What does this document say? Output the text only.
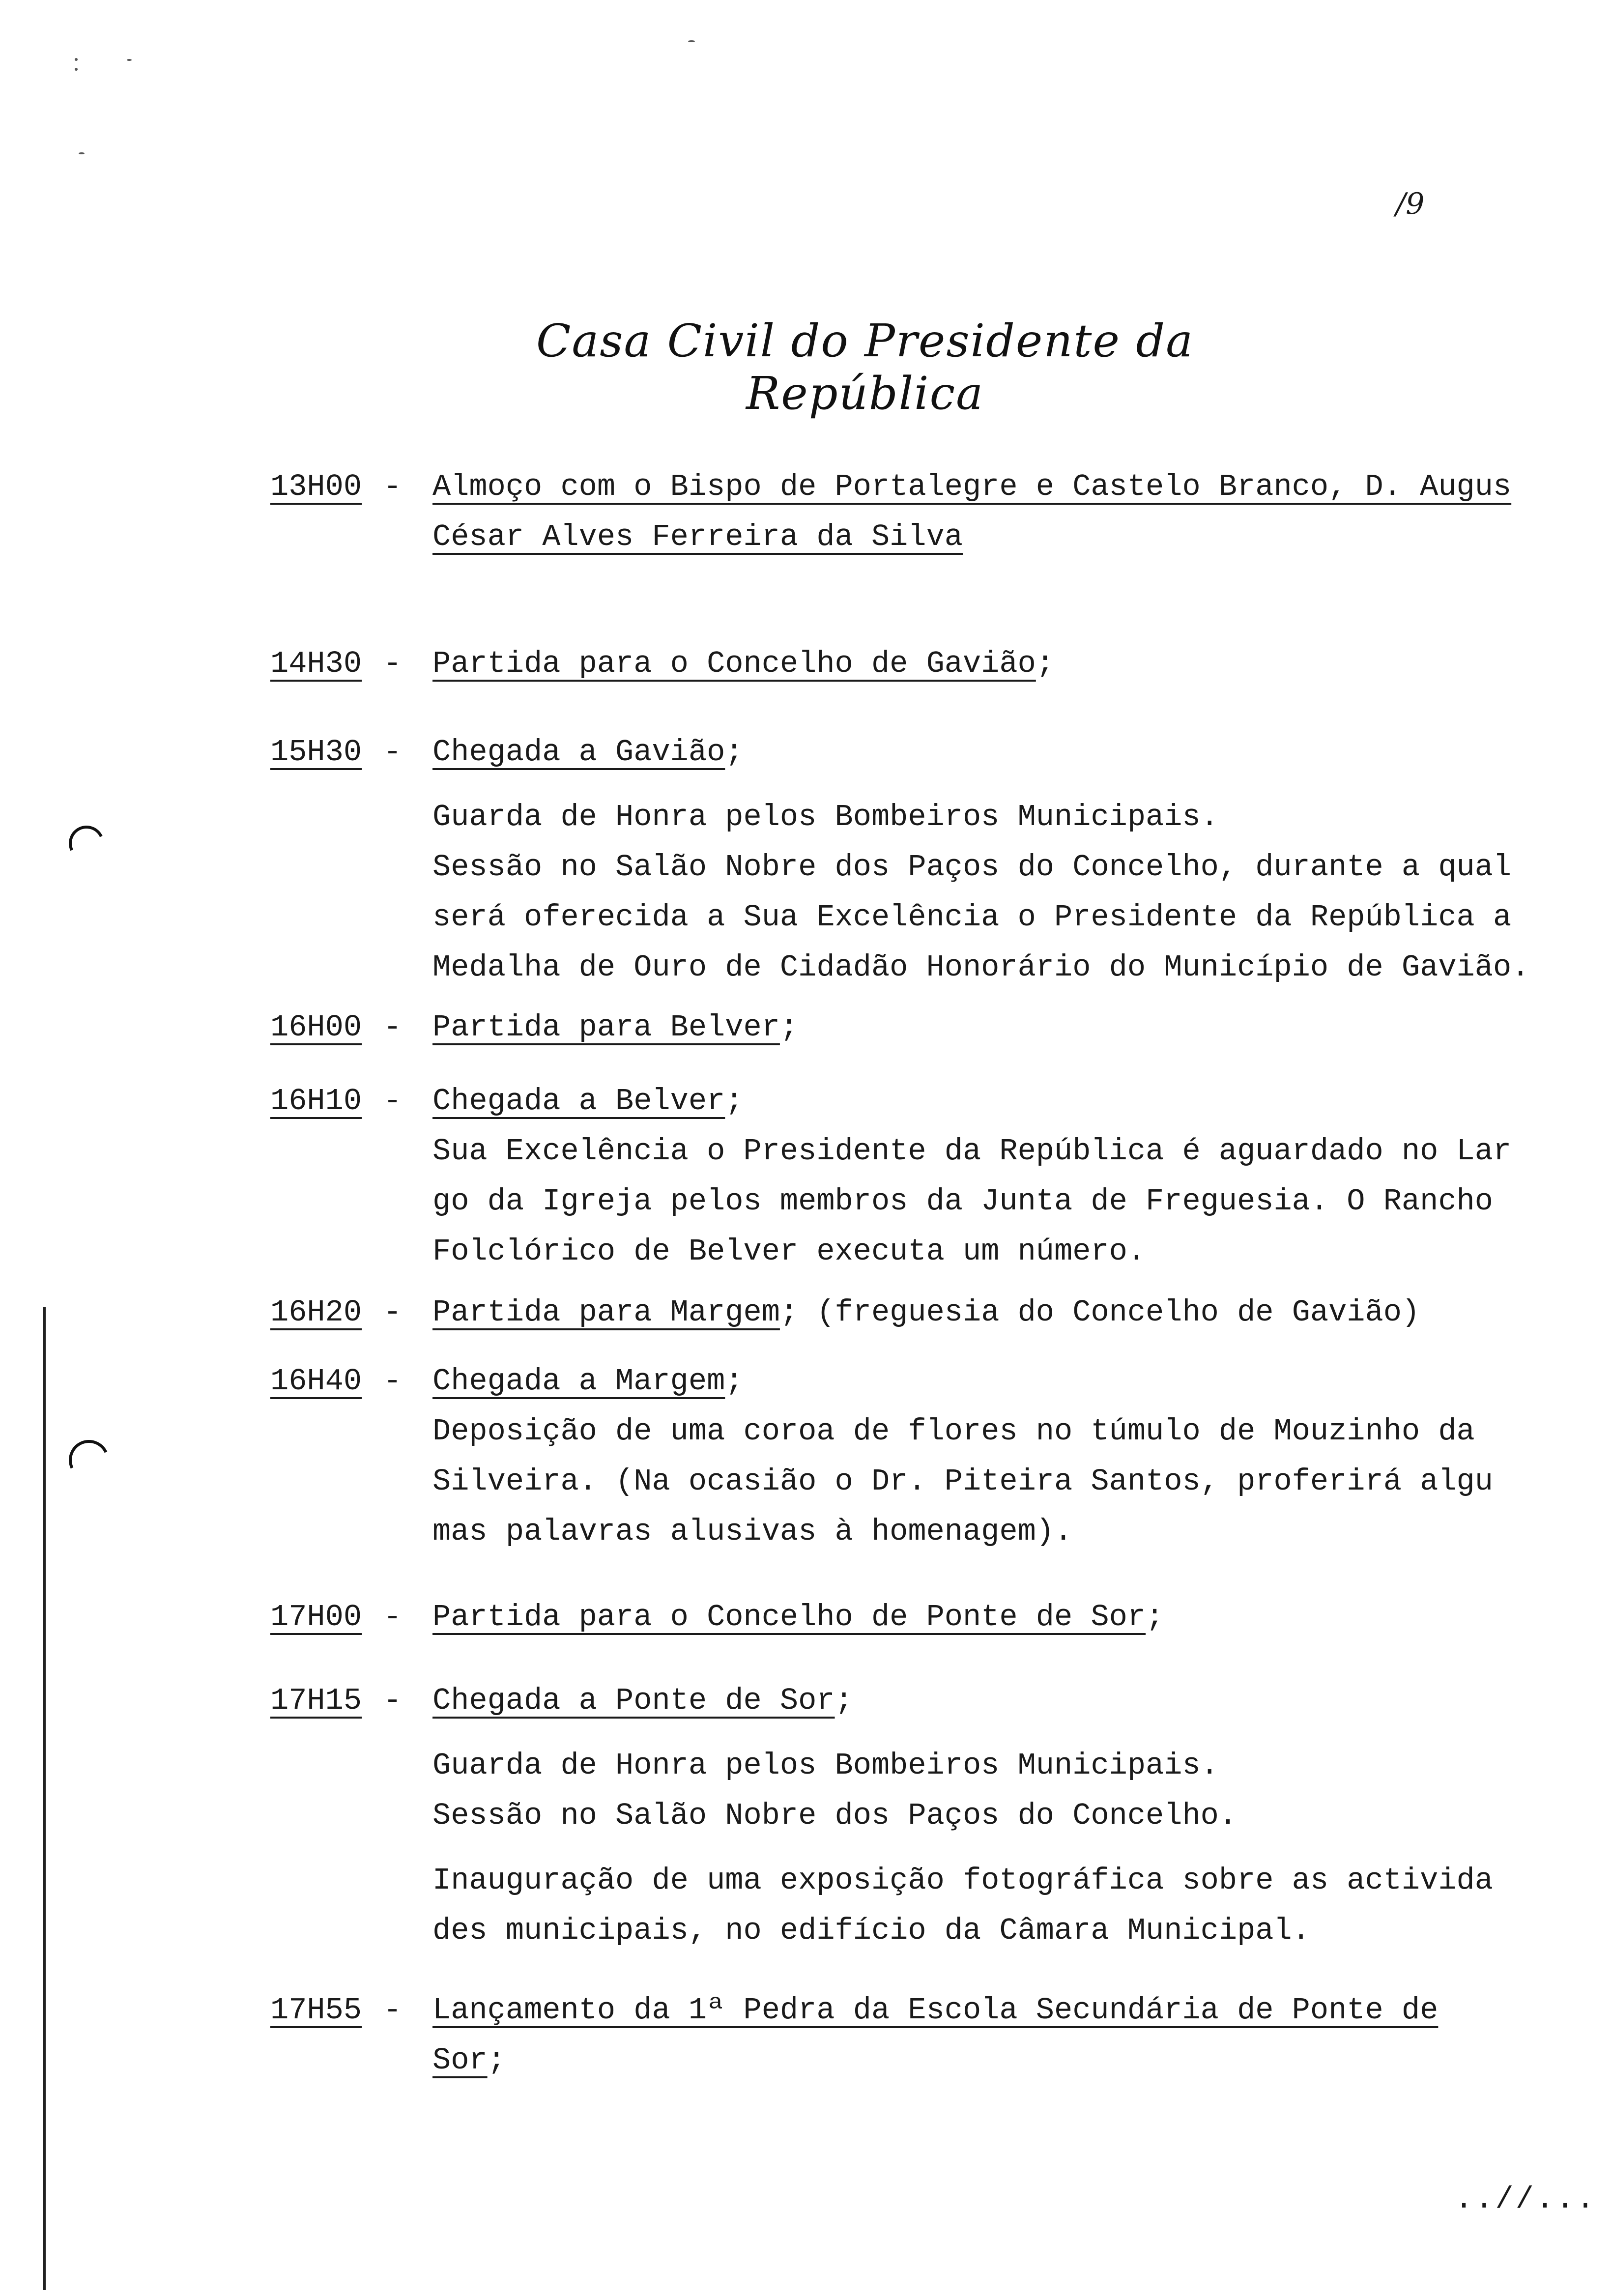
/9
Casa Civil do Presidente da República
13H00 - Almoço com o Bispo de Portalegre e Castelo Branco, D. Augus
César Alves Ferreira da Silva
14H30 - Partida para o Concelho de Gavião;
15H30 - Chegada a Gavião;
Guarda de Honra pelos Bombeiros Municipais.
Sessão no Salão Nobre dos Paços do Concelho, durante a qual
será oferecida a Sua Excelência o Presidente da República a
Medalha de Ouro de Cidadão Honorário do Município de Gavião.
16H00 - Partida para Belver;
16H10 - Chegada a Belver;
Sua Excelência o Presidente da República é aguardado no Lar
go da Igreja pelos membros da Junta de Freguesia. O Rancho
Folclórico de Belver executa um número.
16H20 - Partida para Margem; (freguesia do Concelho de Gavião)
16H40 - Chegada a Margem;
Deposição de uma coroa de flores no túmulo de Mouzinho da
Silveira. (Na ocasião o Dr. Piteira Santos, proferirá algu
mas palavras alusivas à homenagem).
17H00 - Partida para o Concelho de Ponte de Sor;
17H15 - Chegada a Ponte de Sor;
Guarda de Honra pelos Bombeiros Municipais.
Sessão no Salão Nobre dos Paços do Concelho.
Inauguração de uma exposição fotográfica sobre as activida
des municipais, no edifício da Câmara Municipal.
17H55 - Lançamento da 1ª Pedra da Escola Secundária de Ponte de
Sor;
..//...
